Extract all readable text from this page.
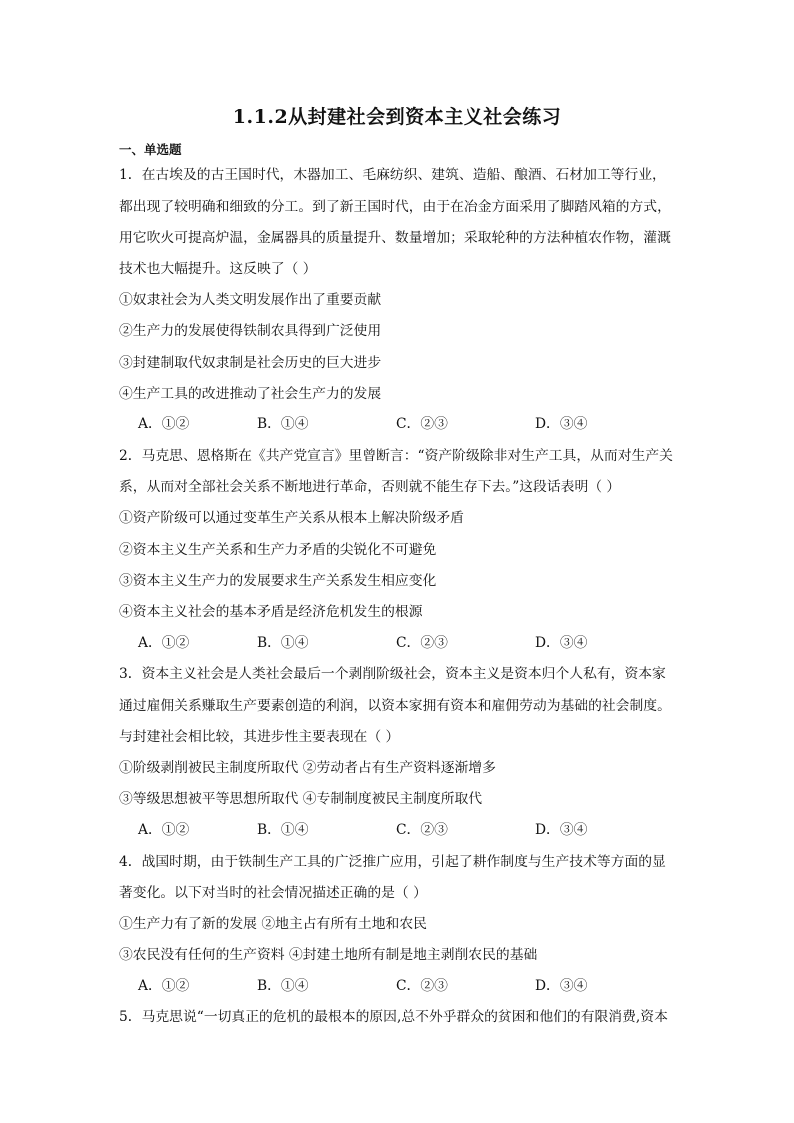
1.1.2从封建社会到资本主义社会练习
一、单选题
1．在古埃及的古王国时代，木器加工、毛麻纺织、建筑、造船、酿酒、石材加工等行业，
都出现了较明确和细致的分工。到了新王国时代，由于在冶金方面采用了脚踏风箱的方式，
用它吹火可提高炉温，金属器具的质量提升、数量增加；采取轮种的方法种植农作物，灌溉
技术也大幅提升。这反映了（ ）
①奴隶社会为人类文明发展作出了重要贡献
②生产力的发展使得铁制农具得到广泛使用
③封建制取代奴隶制是社会历史的巨大进步
④生产工具的改进推动了社会生产力的发展
A．①②	B．①④	C．②③	D．③④
2．马克思、恩格斯在《共产党宣言》里曾断言：“资产阶级除非对生产工具，从而对生产关
系，从而对全部社会关系不断地进行革命，否则就不能生存下去。”这段话表明（ ）
①资产阶级可以通过变革生产关系从根本上解决阶级矛盾
②资本主义生产关系和生产力矛盾的尖锐化不可避免
③资本主义生产力的发展要求生产关系发生相应变化
④资本主义社会的基本矛盾是经济危机发生的根源
A．①②	B．①④	C．②③	D．③④
3．资本主义社会是人类社会最后一个剥削阶级社会，资本主义是资本归个人私有，资本家
通过雇佣关系赚取生产要素创造的利润，以资本家拥有资本和雇佣劳动为基础的社会制度。
与封建社会相比较，其进步性主要表现在（ ）
①阶级剥削被民主制度所取代 ②劳动者占有生产资料逐渐增多
③等级思想被平等思想所取代 ④专制制度被民主制度所取代
A．①②	B．①④	C．②③	D．③④
4．战国时期，由于铁制生产工具的广泛推广应用，引起了耕作制度与生产技术等方面的显
著变化。以下对当时的社会情况描述正确的是（ ）
①生产力有了新的发展 ②地主占有所有土地和农民
③农民没有任何的生产资料 ④封建土地所有制是地主剥削农民的基础
A．①②	B．①④	C．②③	D．③④
5．马克思说“一切真正的危机的最根本的原因,总不外乎群众的贫困和他们的有限消费,资本
